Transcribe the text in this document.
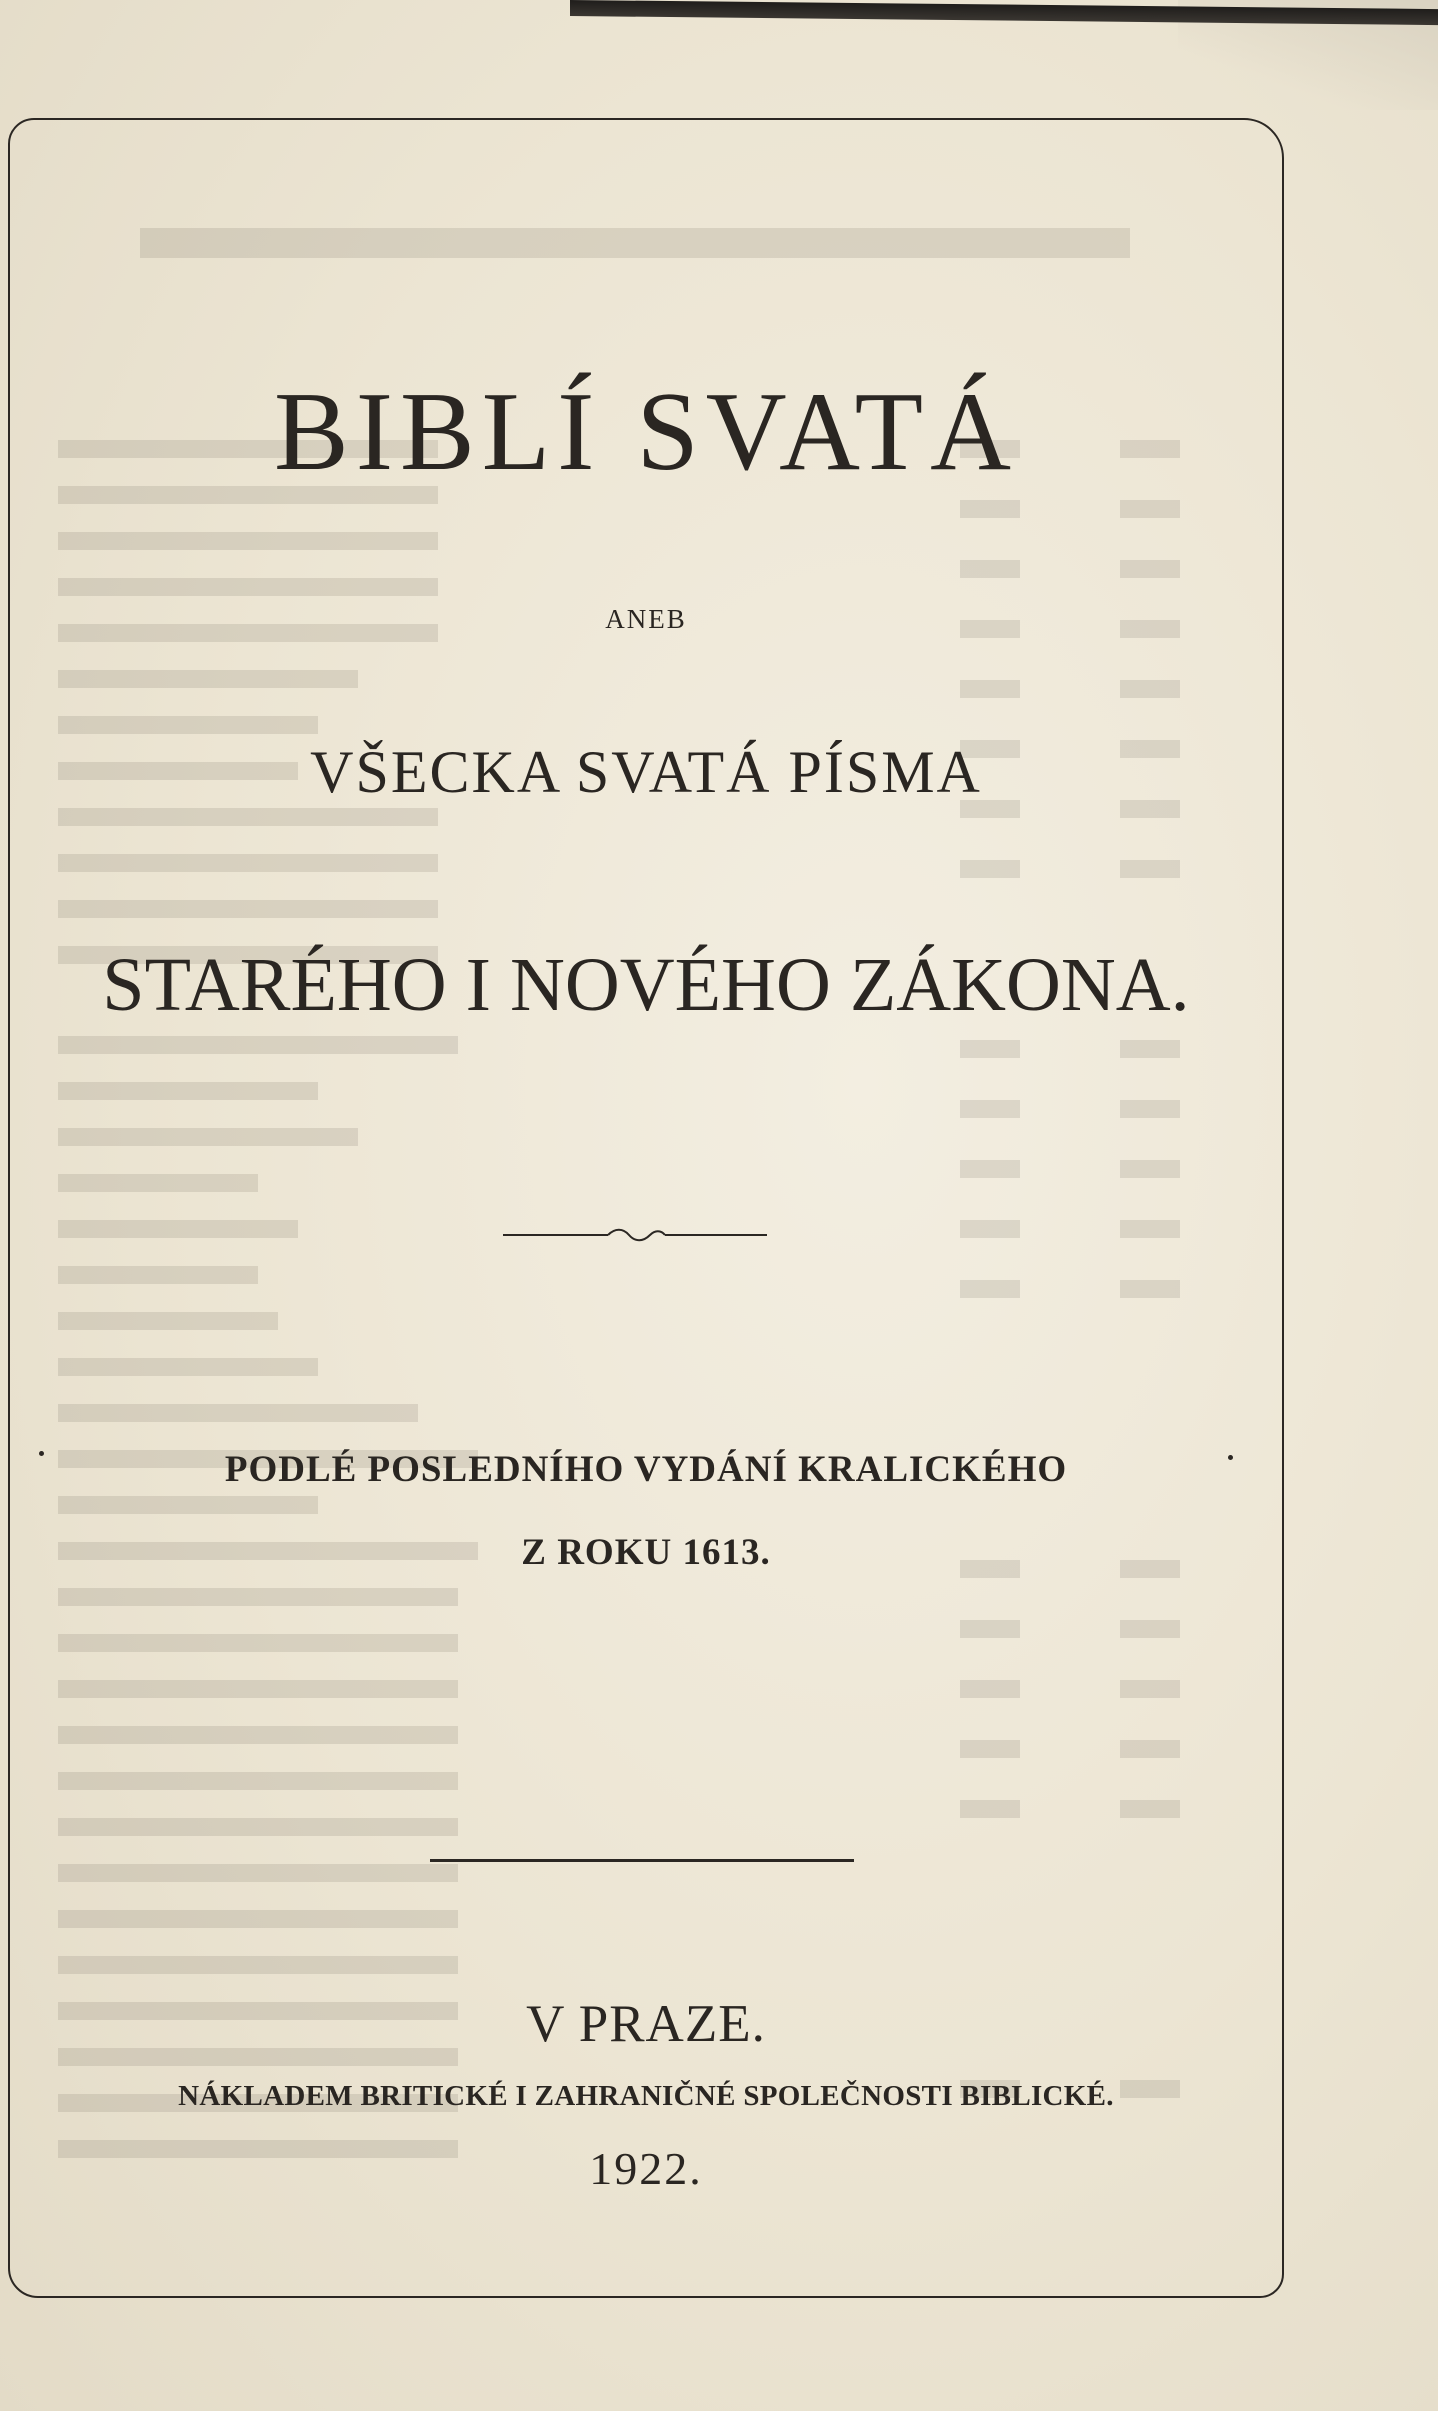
BIBLÍ SVATÁ
ANEB
VŠECKA SVATÁ PÍSMA
STARÉHO I NOVÉHO ZÁKONA.
PODLÉ POSLEDNÍHO VYDÁNÍ KRALICKÉHO
Z ROKU 1613.
V PRAZE.
NÁKLADEM BRITICKÉ I ZAHRANIČNÉ SPOLEČNOSTI BIBLICKÉ.
1922.
